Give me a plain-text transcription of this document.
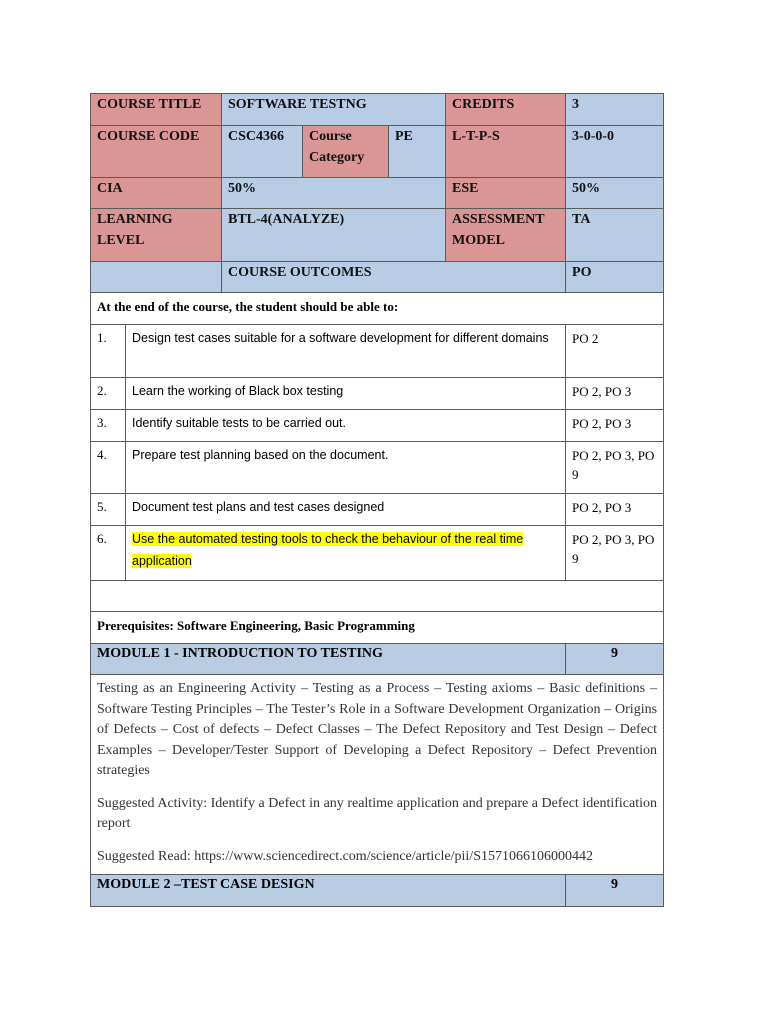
COURSE TITLE		SOFTWARE TESTNG			CREDITS	3
COURSE CODE		CSC4366	Course Category	PE	L-T-P-S	3-0-0-0
CIA		50%			ESE	50%
LEARNING LEVEL		BTL-4(ANALYZE)			ASSESSMENT MODEL	TA
		COURSE OUTCOMES				PO
At the end of the course, the student should be able to:						
1.	Design test cases suitable for a software development for different domains					PO 2
2.	Learn the working of Black box testing					PO 2, PO 3
3.	Identify suitable tests to be carried out.					PO 2, PO 3
4.	Prepare test planning based on the document.					PO 2, PO 3, PO 9
5.	Document test plans and test cases designed					PO 2, PO 3
6.	Use the automated testing tools to check the behaviour of the real time application					PO 2, PO 3, PO 9

Prerequisites: Software Engineering, Basic Programming						
MODULE 1 - INTRODUCTION TO TESTING						9

Testing as an Engineering Activity – Testing as a Process – Testing axioms – Basic definitions – Software Testing Principles – The Tester’s Role in a Software Development Organization – Origins of Defects – Cost of defects – Defect Classes – The Defect Repository and Test Design – Defect Examples – Developer/Tester Support of Developing a Defect Repository – Defect Prevention strategies

Suggested Activity: Identify a Defect in any realtime application and prepare a Defect identification report

Suggested Read: https://www.sciencedirect.com/science/article/pii/S1571066106000442						

MODULE 2 –TEST CASE DESIGN						9
